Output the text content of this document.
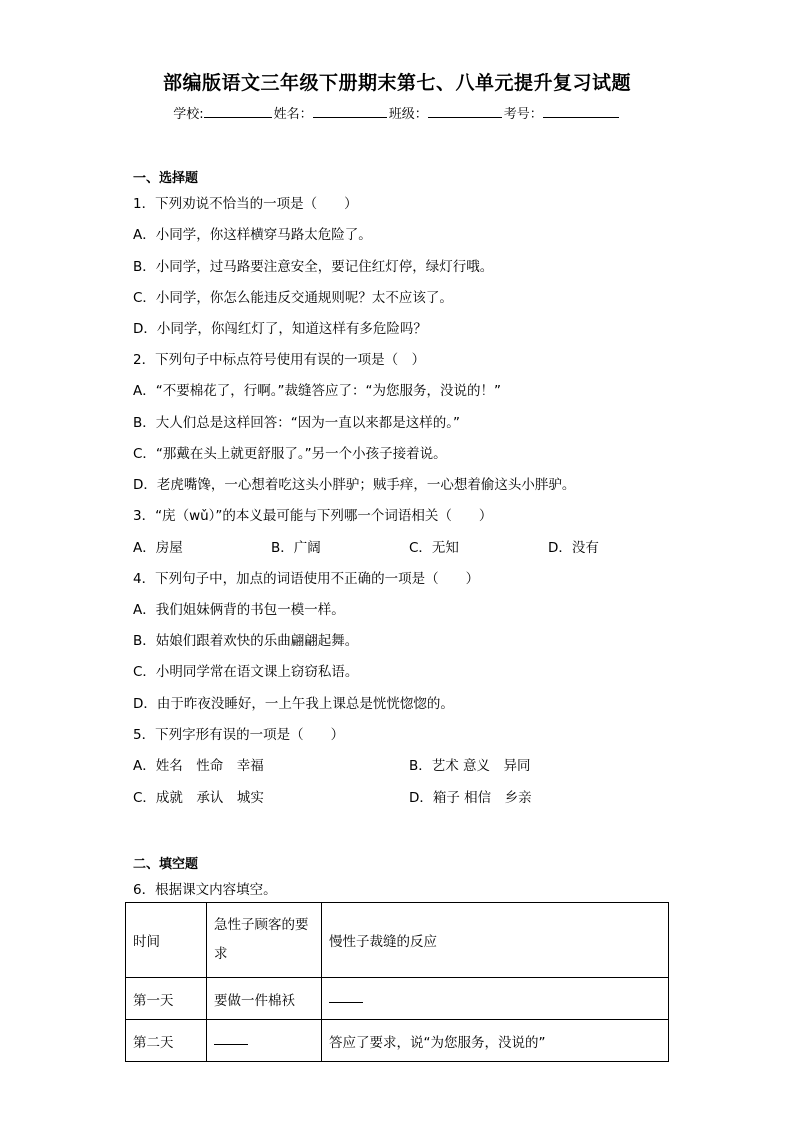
部编版语文三年级下册期末第七、八单元提升复习试题
学校:	姓名：	班级：	考号：
一、选择题
1．下列劝说不恰当的一项是（　　）
A．小同学，你这样横穿马路太危险了。
B．小同学，过马路要注意安全，要记住红灯停，绿灯行哦。
C．小同学，你怎么能违反交通规则呢？太不应该了。
D．小同学，你闯红灯了，知道这样有多危险吗？
2．下列句子中标点符号使用有误的一项是（　）
A．“不要棉花了，行啊。”裁缝答应了：“为您服务，没说的！”
B．大人们总是这样回答：“因为一直以来都是这样的。”
C．“那戴在头上就更舒服了。”另一个小孩子接着说。
D．老虎嘴馋，一心想着吃这头小胖驴；贼手痒，一心想着偷这头小胖驴。
3．“庑（wǔ）”的本义最可能与下列哪一个词语相关（　　）
A．房屋	B．广阔	C．无知	D．没有
4．下列句子中，加点的词语使用不正确的一项是（　　）
A．我们姐妹俩背的书包一模一样。
B．姑娘们跟着欢快的乐曲翩翩起舞。
C．小明同学常在语文课上窃窃私语。
D．由于昨夜没睡好，一上午我上课总是恍恍惚惚的。
5．下列字形有误的一项是（　　）
A．姓名　性命　幸福	B．艺术 意义　异同
C．成就　承认　城实	D．箱子 相信　乡亲
二、填空题
6．根据课文内容填空。
时间	急性子顾客的要求	慢性子裁缝的反应
第一天	要做一件棉袄	
第二天		答应了要求，说“为您服务，没说的”
